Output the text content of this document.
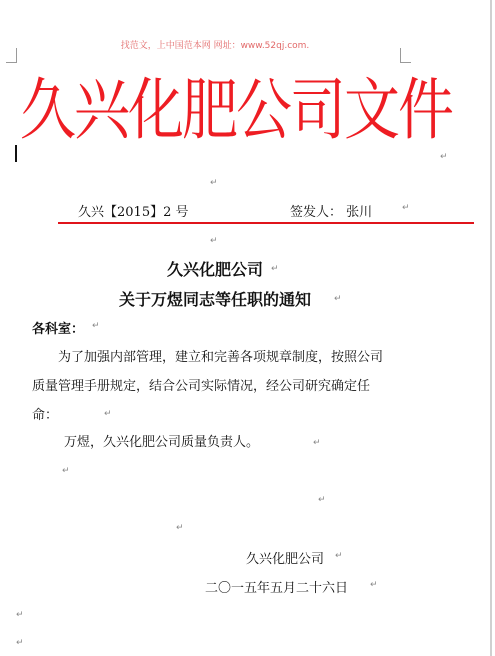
找范文，上中国范本网 网址：www.52qj.com.
久兴化肥公司文件
↵
↵
久兴【2015】2 号	签发人： 张川	↵
↵
久兴化肥公司 ↵
关于万煜同志等任职的通知	↵
各科室： ↵
为了加强内部管理，建立和完善各项规章制度，按照公司质量管理手册规定，结合公司实际情况，经公司研究确定任命：	↵
万煜，久兴化肥公司质量负责人。	↵
↵
↵
↵
久兴化肥公司 ↵
二〇一五年五月二十六日 ↵
↵
↵
